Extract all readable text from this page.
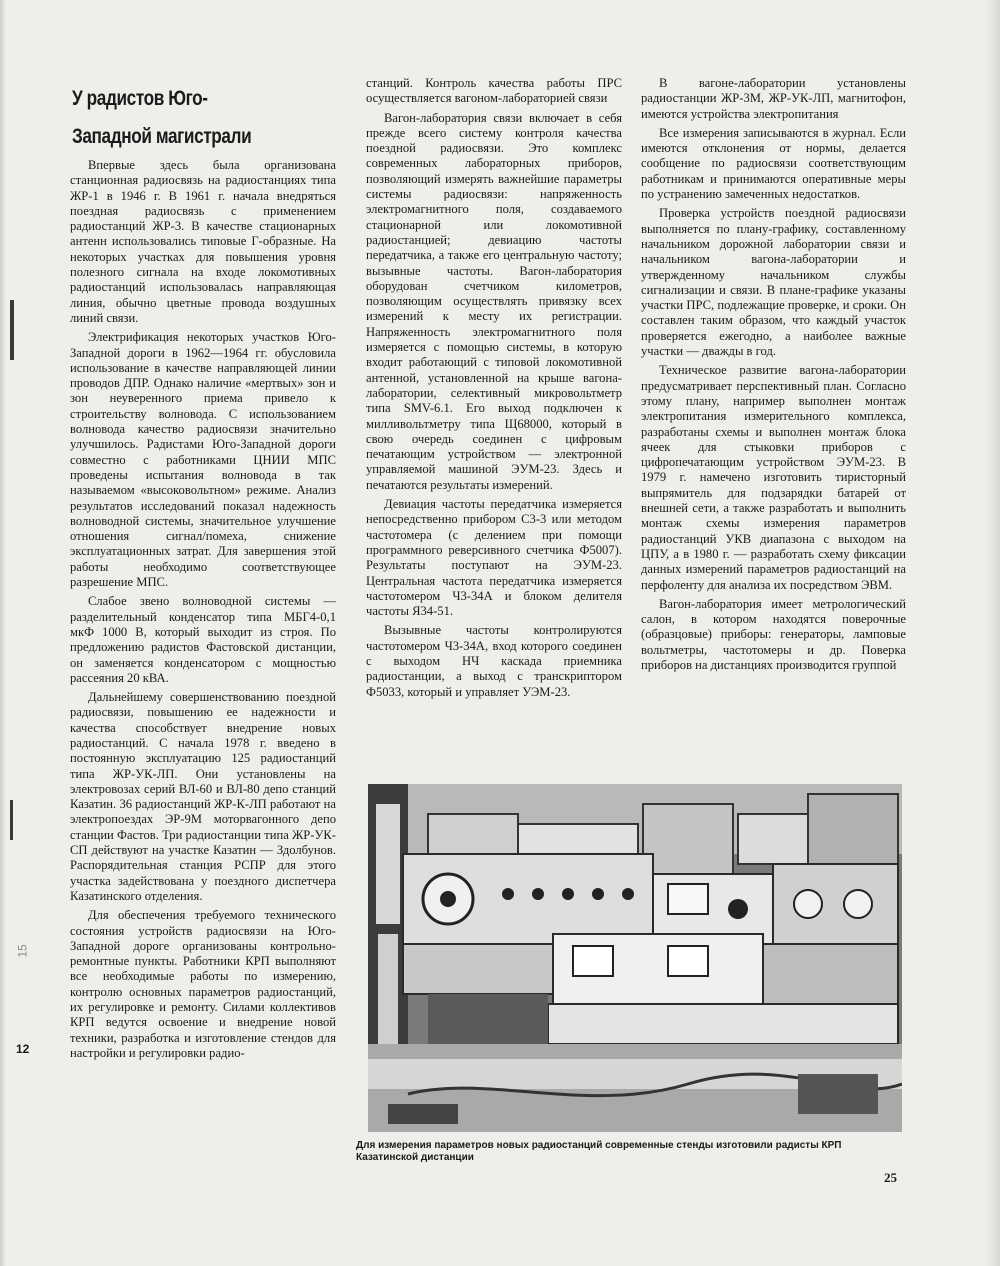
15
12
У радистов Юго-Западной магистрали

Впервые здесь была организована станционная радиосвязь на радиостанциях типа ЖР-1 в 1946 г. В 1961 г. начала внедряться поездная радиосвязь с применением радиостанций ЖР-3. В качестве стационарных антенн использовались типовые Г-образные. На некоторых участках для повышения уровня полезного сигнала на входе локомотивных радиостанций использовалась направляющая линия, обычно цветные провода воздушных линий связи.

Электрификация некоторых участков Юго-Западной дороги в 1962—1964 гг. обусловила использование в качестве направляющей линии проводов ДПР. Однако наличие «мертвых» зон и зон неуверенного приема привело к строительству волновода. С использованием волновода качество радиосвязи значительно улучшилось. Радистами Юго-Западной дороги совместно с работниками ЦНИИ МПС проведены испытания волновода в так называемом «высоковольтном» режиме. Анализ результатов исследований показал надежность волноводной системы, значительное улучшение отношения сигнал/помеха, снижение эксплуатационных затрат. Для завершения этой работы необходимо соответствующее разрешение МПС.

Слабое звено волноводной системы — разделительный конденсатор типа МБГ4-0,1 мкФ 1000 В, который выходит из строя. По предложению радистов Фастовской дистанции, он заменяется конденсатором с мощностью рассеяния 20 кВА.

Дальнейшему совершенствованию поездной радиосвязи, повышению ее надежности и качества способствует внедрение новых радиостанций. С начала 1978 г. введено в постоянную эксплуатацию 125 радиостанций типа ЖР-УК-ЛП. Они установлены на электровозах серий ВЛ-60 и ВЛ-80 депо станций Казатин. 36 радиостанций ЖР-К-ЛП работают на электропоездах ЭР-9М моторвагонного депо станции Фастов. Три радиостанции типа ЖР-УК-СП действуют на участке Казатин — Здолбунов. Распорядительная станция РСПР для этого участка задействована у поездного диспетчера Казатинского отделения.

Для обеспечения требуемого технического состояния устройств радиосвязи на Юго-Западной дороге организованы контрольно-ремонтные пункты. Работники КРП выполняют все необходимые работы по измерению, контролю основных параметров радиостанций, их регулировке и ремонту. Силами коллективов КРП ведутся освоение и внедрение новой техники, разработка и изготовление стендов для настройки и регулировки радио-

станций. Контроль качества работы ПРС осуществляется вагоном-лабораторией связи

Вагон-лаборатория связи включает в себя прежде всего систему контроля качества поездной радиосвязи. Это комплекс современных лабораторных приборов, позволяющий измерять важнейшие параметры системы радиосвязи: напряженность электромагнитного поля, создаваемого стационарной или локомотивной радиостанцией; девиацию частоты передатчика, а также его центральную частоту; вызывные частоты. Вагон-лаборатория оборудован счетчиком километров, позволяющим осуществлять привязку всех измерений к месту их регистрации. Напряженность электромагнитного поля измеряется с помощью системы, в которую входит работающий с типовой локомотивной антенной, установленной на крыше вагона-лаборатории, селективный микровольтметр типа SMV-6.1. Его выход подключен к милливольтметру типа Щ68000, который в свою очередь соединен с цифровым печатающим устройством — электронной управляемой машиной ЭУМ-23. Здесь и печатаются результаты измерений.

Девиация частоты передатчика измеряется непосредственно прибором С3-3 или методом частотомера (с делением при помощи программного реверсивного счетчика Ф5007). Результаты поступают на ЭУМ-23. Центральная частота передатчика измеряется частотомером Ч3-34А и блоком делителя частоты Я34-51.

Вызывные частоты контролируются частотомером Ч3-34А, вход которого соединен с выходом НЧ каскада приемника радиостанции, а выход с транскриптором Ф5033, который и управляет УЭМ-23.

В вагоне-лаборатории установлены радиостанции ЖР-3М, ЖР-УК-ЛП, магнитофон, имеются устройства электропитания

Все измерения записываются в журнал. Если имеются отклонения от нормы, делается сообщение по радиосвязи соответствующим работникам и принимаются оперативные меры по устранению замеченных недостатков.

Проверка устройств поездной радиосвязи выполняется по плану-графику, составленному начальником дорожной лаборатории связи и начальником вагона-лаборатории и утвержденному начальником службы сигнализации и связи. В плане-графике указаны участки ПРС, подлежащие проверке, и сроки. Он составлен таким образом, что каждый участок проверяется ежегодно, а наиболее важные участки — дважды в год.

Техническое развитие вагона-лаборатории предусматривает перспективный план. Согласно этому плану, например выполнен монтаж электропитания измерительного комплекса, разработаны схемы и выполнен монтаж блока ячеек для стыковки приборов с цифропечатающим устройством ЭУМ-23. В 1979 г. намечено изготовить тиристорный выпрямитель для подзарядки батарей от внешней сети, а также разработать и выполнить монтаж схемы измерения параметров радиостанций УКВ диапазона с выходом на ЦПУ, а в 1980 г. — разработать схему фиксации данных измерений параметров радиостанций на перфоленту для анализа их посредством ЭВМ.

Вагон-лаборатория имеет метрологический салон, в котором находятся поверочные (образцовые) приборы: генераторы, ламповые вольтметры, частотомеры и др. Поверка приборов на дистанциях производится группой

Для измерения параметров новых радиостанций современные стенды изготовили радисты КРП Казатинской дистанции
25
